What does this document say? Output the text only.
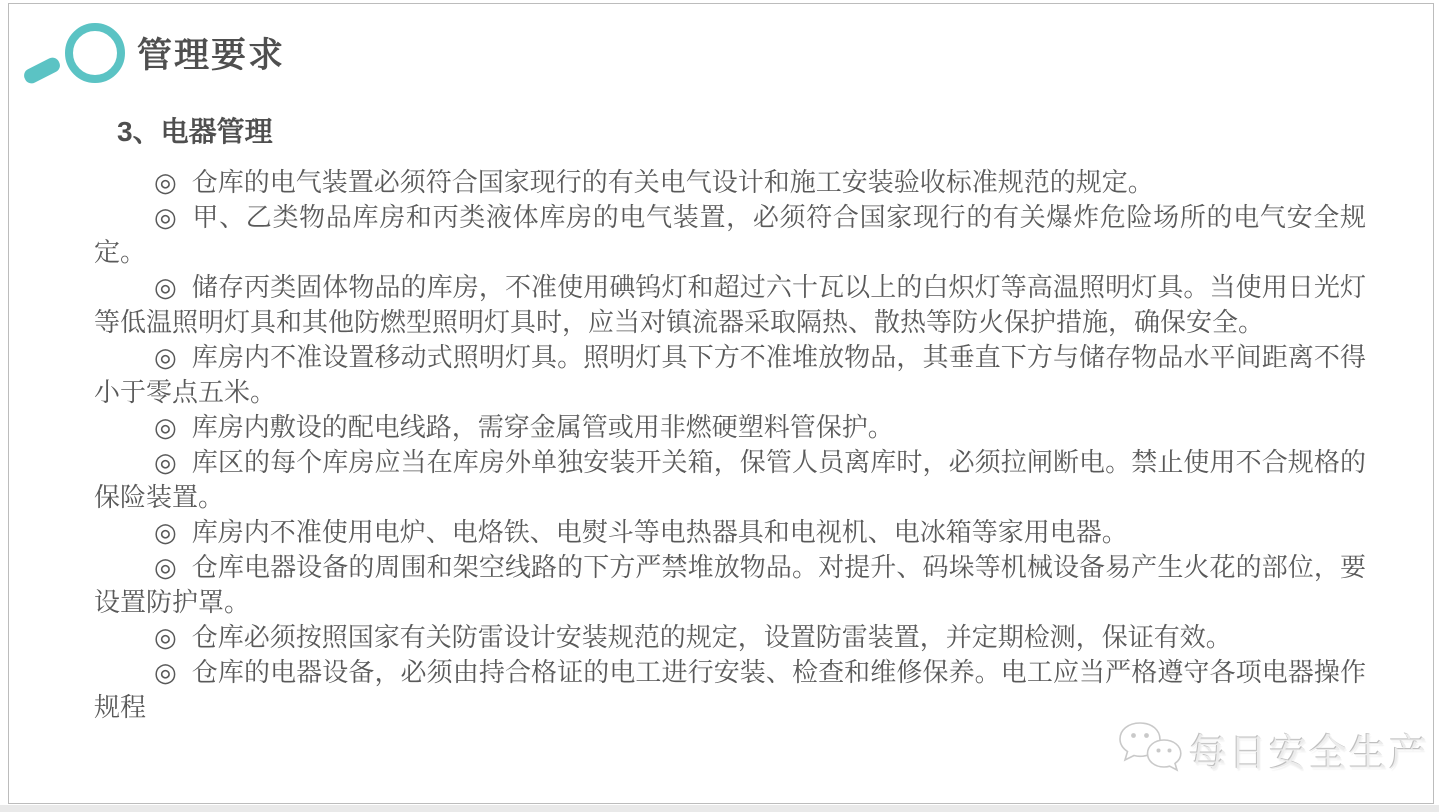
管理要求
3、电器管理

◎ 仓库的电气装置必须符合国家现行的有关电气设计和施工安装验收标准规范的规定。

◎ 甲、乙类物品库房和丙类液体库房的电气装置，必须符合国家现行的有关爆炸危险场所的电气安全规定。

◎ 储存丙类固体物品的库房，不准使用碘钨灯和超过六十瓦以上的白炽灯等高温照明灯具。当使用日光灯等低温照明灯具和其他防燃型照明灯具时，应当对镇流器采取隔热、散热等防火保护措施，确保安全。

◎ 库房内不准设置移动式照明灯具。照明灯具下方不准堆放物品，其垂直下方与储存物品水平间距离不得小于零点五米。

◎ 库房内敷设的配电线路，需穿金属管或用非燃硬塑料管保护。

◎ 库区的每个库房应当在库房外单独安装开关箱，保管人员离库时，必须拉闸断电。禁止使用不合规格的保险装置。

◎ 库房内不准使用电炉、电烙铁、电熨斗等电热器具和电视机、电冰箱等家用电器。

◎ 仓库电器设备的周围和架空线路的下方严禁堆放物品。对提升、码垛等机械设备易产生火花的部位，要设置防护罩。

◎ 仓库必须按照国家有关防雷设计安装规范的规定，设置防雷装置，并定期检测，保证有效。

◎ 仓库的电器设备，必须由持合格证的电工进行安装、检查和维修保养。电工应当严格遵守各项电器操作规程

每日安全生产
